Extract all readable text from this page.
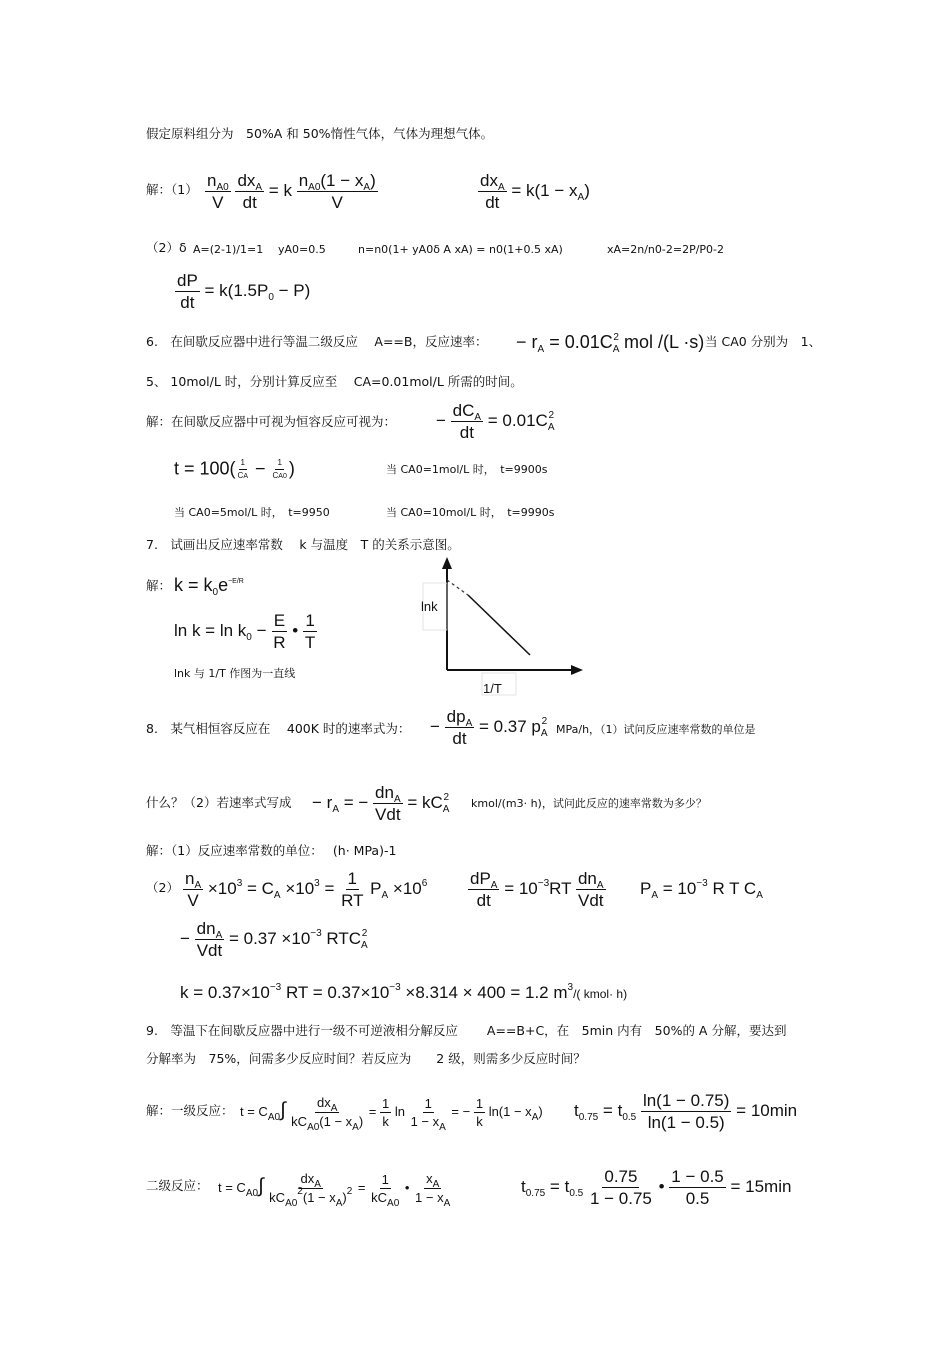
假定原料组分为　50%A 和 50%惰性气体，气体为理想气体。
解：$(1) \frac{n_{A0}}{V}$
$\frac{dx_A}{dt} = k \frac{n_{A0}(1 - x_A)}{V}$	$\frac{dx_A}{dt} = k(1 - x_A)$
（2）δ A=(2-1)/1=1 yA0=0.5	n=n0(1+ yA0δ A xA) = n0(1+0.5 xA)	xA=2n/n0-2=2P/P0-2
$\frac{dP}{dt} = k(1.5P_0 - P)$
6.　在间歇反应器中进行等温二级反应　 A==B，反应速率： − $r_A = 0.01C_A^2$ mol /(L ·s) 当 CA0 分别为　1、
5、 10mol/L 时，分别计算反应至　 CA=0.01mol/L 所需的时间。
解：在间歇反应器中可视为恒容反应可视为： − $\frac{dC_A}{dt} = 0.01C_A^2$
$t = 100( \frac{1}{CA} - \frac{1}{CA0}$ )	当 CA0=1mol/L 时，　t=9900s
当 CA0=5mol/L 时，　t=9950	当 CA0=10mol/L 时，　t=9990s
7.　试画出反应速率常数　 k 与温度　T 的关系示意图。
解： $k = k_0e^{-E/R}$
$\ln k = \ln k_0 - \frac{E}{R}$ • $\frac{1}{T}$
lnk 与 1/T 作图为一直线
lnk
1/T
8.　某气相恒容反应在　 400K 时的速率式为： − $\frac{dp_A}{dt} = 0.37$ $p_A^2$
MPa/h，（1）试问反应速率常数的单位是
什么？（2）若速率式写成 − $r_A$ = − $\frac{dn_A}{\text{Vdt}} = kC_A^2$ kmol/(m3· h)，试问此反应的速率常数为多少？
解：（1）反应速率常数的单位：　 (h· MPa)-1
$(2) \frac{n_A}{V} \times 10^3 = C_A \times 10^3 = \frac{1}{RT} P_A \times 10^6 \frac{dP_A}{dt} = 10^{-3}RT \frac{dn_A}{\text{Vdt}} P_A = 10^{-3}$ R T $C_A$
− $\frac{dn_A}{\text{Vdt}} = 0.37 \times 10^{-3}$ $RTC_A^2$
$k = 0.37\times 10^{-3}$ RT = $0.37\times 10^{-3} \times 8.314 \times 400 = 1.2$ $m^3/$( kmol· h)
9.　等温下在间歇反应器中进行一级不可逆液相分解反应　　 A==B+C，在　5min 内有　50%的 A 分解，要达到
分解率为　75%，问需多少反应时间？若反应为　　2 级，则需多少反应时间？
解：一级反应： $t = C_{A0}\int \frac{dx_A}{kC_{A0}(1 - x_A)} = \frac{1}{k}$ $\ln \frac{1}{1 - x_A}$ = − $\frac{1}{k} \ln(1 - x_A) t_{0.75} = t_{0.5} \frac{\ln(1 - 0.75)}{\ln(1 - 0.5)} = 10\min$
二级反应： $t = C_{A0}\int \frac{dx_A}{kC_{A0}^2(1 - x_A)^2} = \frac{1}{kC_{A0}}$ • $\frac{x_A}{1 - x_A}$	$t_{0.75} = t_{0.5} \frac{0.75}{1 - 0.75}$ • $\frac{1 - 0.5}{0.5} = 15\min$
